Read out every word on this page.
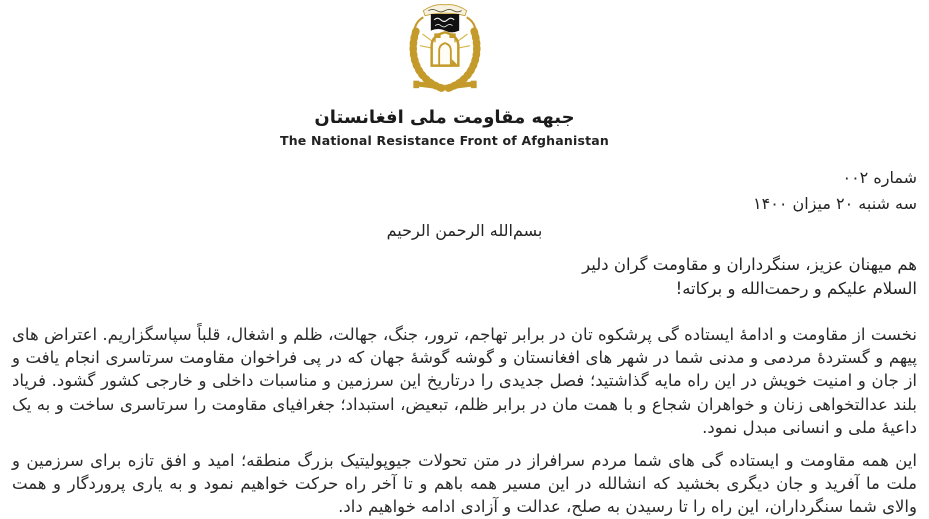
جبهه مقاومت ملی افغانستان
The National Resistance Front of Afghanistan
شماره ۰۰۲
سه شنبه ۲۰ میزان ۱۴۰۰
بسم‌الله الرحمن الرحیم
هم میهنان عزیز، سنگرداران و مقاومت گران دلیر
السلام علیکم و رحمت‌الله و برکاته!

نخست از مقاومت و ادامهٔ ایستاده گی پرشکوه تان در برابر تهاجم، ترور، جنگ، جهالت، ظلم و اشغال، قلباً سپاسگزاریم. اعتراض های پیهم و گستردهٔ مردمی و مدنی شما در شهر های افغانستان و گوشه گوشهٔ جهان که در پی فراخوان مقاومت سرتاسری انجام یافت و از جان و امنیت خویش در این راه مایه گذاشتید؛ فصل جدیدی را درتاریخ این سرزمین و مناسبات داخلی و خارجی کشور گشود. فریاد بلند عدالتخواهی زنان و خواهران شجاع و با همت مان در برابر ظلم، تبعیض، استبداد؛ جغرافیای مقاومت را سرتاسری ساخت و به یک داعیهٔ ملی و انسانی مبدل نمود.

این همه مقاومت و ایستاده گی های شما مردم سرافراز در متن تحولات جیوپولیتیک بزرگ منطقه؛ امید و افق تازه برای سرزمین و ملت ما آفرید و جان دیگری بخشید که انشالله در این مسیر همه باهم و تا آخر راه حرکت خواهیم نمود و به یاری پروردگار و همت والای شما سنگرداران، این راه را تا رسیدن به صلح، عدالت و آزادی ادامه خواهیم داد.
